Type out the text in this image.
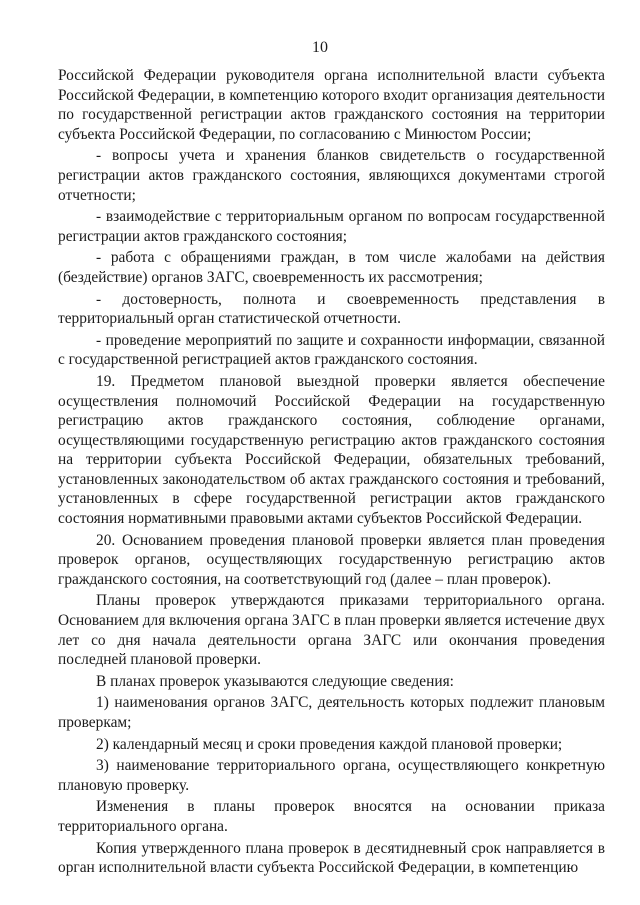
10

Российской Федерации руководителя органа исполнительной власти субъекта Российской Федерации, в компетенцию которого входит организация деятельности по государственной регистрации актов гражданского состояния на территории субъекта Российской Федерации, по согласованию с Минюстом России;

- вопросы учета и хранения бланков свидетельств о государственной регистрации актов гражданского состояния, являющихся документами строгой отчетности;

- взаимодействие с территориальным органом по вопросам государственной регистрации актов гражданского состояния;

- работа с обращениями граждан, в том числе жалобами на действия (бездействие) органов ЗАГС, своевременность их рассмотрения;

- достоверность, полнота и своевременность представления в территориальный орган статистической отчетности.

- проведение мероприятий по защите и сохранности информации, связанной с государственной регистрацией актов гражданского состояния.

19. Предметом плановой выездной проверки является обеспечение осуществления полномочий Российской Федерации на государственную регистрацию актов гражданского состояния, соблюдение органами, осуществляющими государственную регистрацию актов гражданского состояния на территории субъекта Российской Федерации, обязательных требований, установленных законодательством об актах гражданского состояния и требований, установленных в сфере государственной регистрации актов гражданского состояния нормативными правовыми актами субъектов Российской Федерации.

20. Основанием проведения плановой проверки является план проведения проверок органов, осуществляющих государственную регистрацию актов гражданского состояния, на соответствующий год (далее – план проверок).

Планы проверок утверждаются приказами территориального органа. Основанием для включения органа ЗАГС в план проверки является истечение двух лет со дня начала деятельности органа ЗАГС или окончания проведения последней плановой проверки.

В планах проверок указываются следующие сведения:

1) наименования органов ЗАГС, деятельность которых подлежит плановым проверкам;

2) календарный месяц и сроки проведения каждой плановой проверки;

3) наименование территориального органа, осуществляющего конкретную плановую проверку.

Изменения в планы проверок вносятся на основании приказа территориального органа.

Копия утвержденного плана проверок в десятидневный срок направляется в орган исполнительной власти субъекта Российской Федерации, в компетенцию
